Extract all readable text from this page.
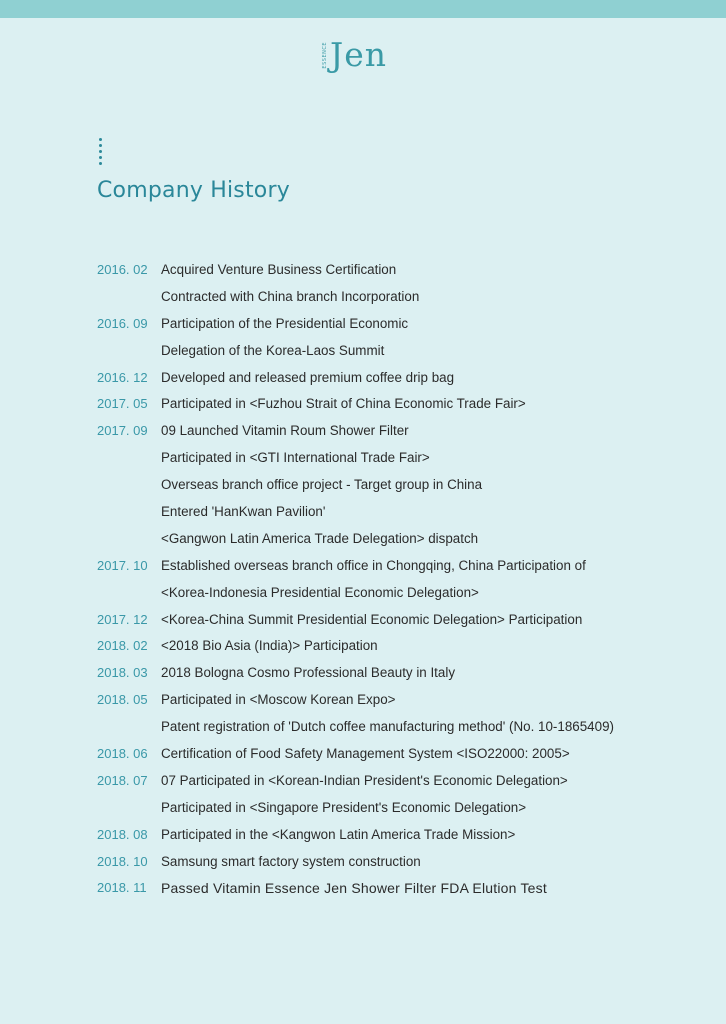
ESSENCE Jen
Company History
2016. 02 Acquired Venture Business Certification
Contracted with China branch Incorporation
2016. 09 Participation of the Presidential Economic
Delegation of the Korea-Laos Summit
2016. 12 Developed and released premium coffee drip bag
2017. 05 Participated in <Fuzhou Strait of China Economic Trade Fair>
2017. 09 09 Launched Vitamin Roum Shower Filter
Participated in <GTI International Trade Fair>
Overseas branch office project - Target group in China
Entered 'HanKwan Pavilion'
<Gangwon Latin America Trade Delegation> dispatch
2017. 10 Established overseas branch office in Chongqing, China Participation of
<Korea-Indonesia Presidential Economic Delegation>
2017. 12 <Korea-China Summit Presidential Economic Delegation> Participation
2018. 02 <2018 Bio Asia (India)> Participation
2018. 03 2018 Bologna Cosmo Professional Beauty in Italy
2018. 05 Participated in <Moscow Korean Expo>
Patent registration of 'Dutch coffee manufacturing method' (No. 10-1865409)
2018. 06 Certification of Food Safety Management System <ISO22000: 2005>
2018. 07 07 Participated in <Korean-Indian President's Economic Delegation>
Participated in <Singapore President's Economic Delegation>
2018. 08 Participated in the <Kangwon Latin America Trade Mission>
2018. 10 Samsung smart factory system construction
2018. 11	Passed Vitamin Essence Jen Shower Filter FDA Elution Test
